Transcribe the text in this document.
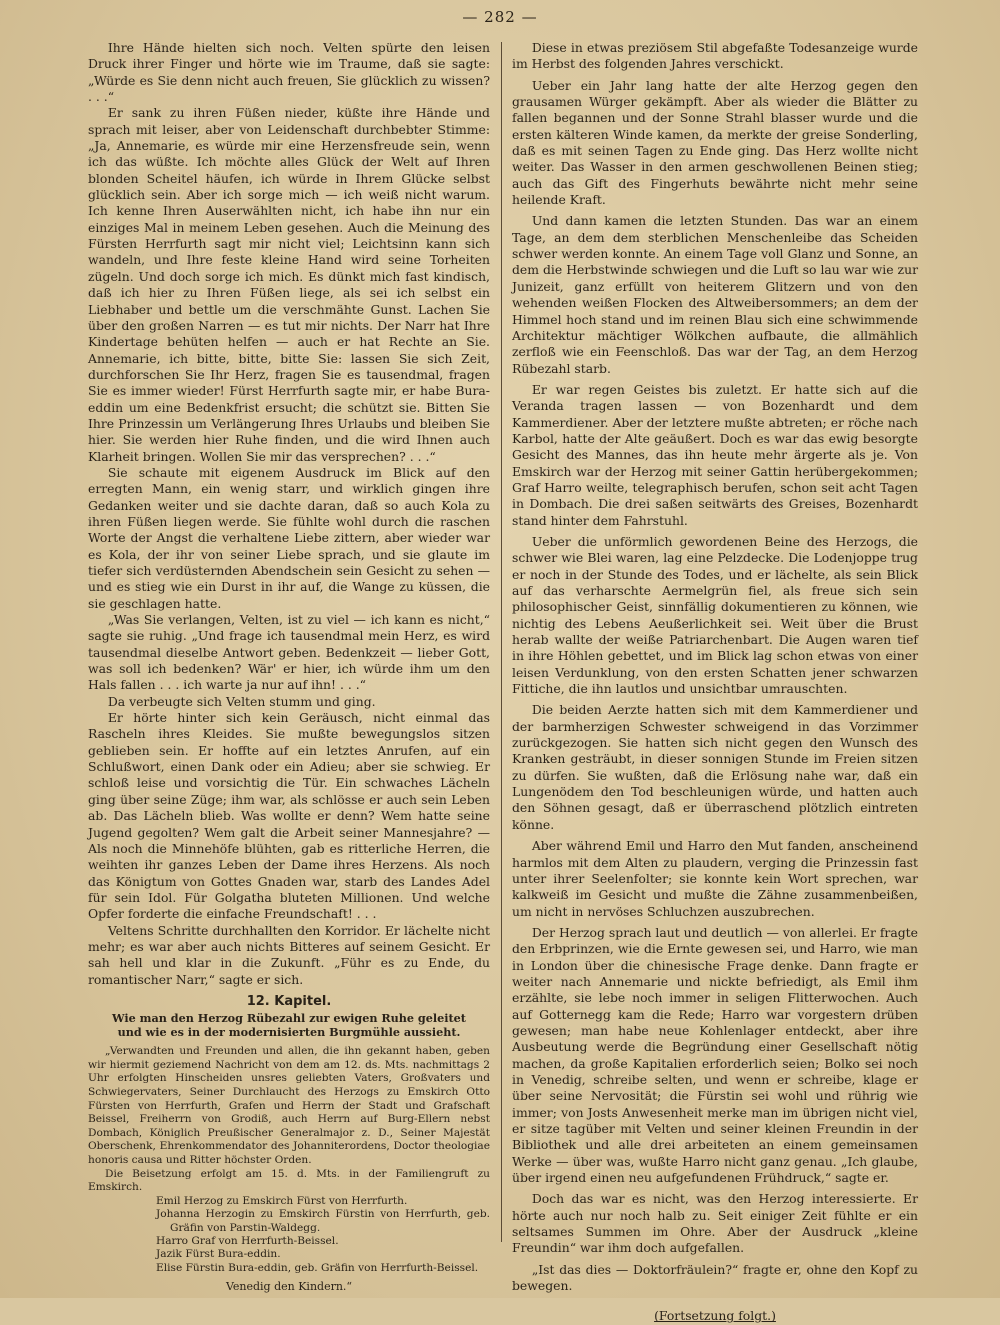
— 282 —

Ihre Hände hielten sich noch. Velten spürte den leisen Druck ihrer Finger und hörte wie im Traume, daß sie sagte: „Würde es Sie denn nicht auch freuen, Sie glücklich zu wissen? . . .“

Er sank zu ihren Füßen nieder, küßte ihre Hände und sprach mit leiser, aber von Leidenschaft durchbebter Stimme: „Ja, Annemarie, es würde mir eine Herzensfreude sein, wenn ich das wüßte. Ich möchte alles Glück der Welt auf Ihren blonden Scheitel häufen, ich würde in Ihrem Glücke selbst glücklich sein. Aber ich sorge mich — ich weiß nicht warum. Ich kenne Ihren Auserwählten nicht, ich habe ihn nur ein einziges Mal in meinem Leben gesehen. Auch die Meinung des Fürsten Herrfurth sagt mir nicht viel; Leichtsinn kann sich wandeln, und Ihre feste kleine Hand wird seine Torheiten zügeln. Und doch sorge ich mich. Es dünkt mich fast kindisch, daß ich hier zu Ihren Füßen liege, als sei ich selbst ein Liebhaber und bettle um die verschmähte Gunst. Lachen Sie über den großen Narren — es tut mir nichts. Der Narr hat Ihre Kindertage behüten helfen — auch er hat Rechte an Sie. Annemarie, ich bitte, bitte, bitte Sie: lassen Sie sich Zeit, durchforschen Sie Ihr Herz, fragen Sie es tausendmal, fragen Sie es immer wieder! Fürst Herrfurth sagte mir, er habe Bura-eddin um eine Bedenkfrist ersucht; die schützt sie. Bitten Sie Ihre Prinzessin um Verlängerung Ihres Urlaubs und bleiben Sie hier. Sie werden hier Ruhe finden, und die wird Ihnen auch Klarheit bringen. Wollen Sie mir das versprechen? . . .“

Sie schaute mit eigenem Ausdruck im Blick auf den erregten Mann, ein wenig starr, und wirklich gingen ihre Gedanken weiter und sie dachte daran, daß so auch Kola zu ihren Füßen liegen werde. Sie fühlte wohl durch die raschen Worte der Angst die verhaltene Liebe zittern, aber wieder war es Kola, der ihr von seiner Liebe sprach, und sie glaute im tiefer sich verdüsternden Abendschein sein Gesicht zu sehen — und es stieg wie ein Durst in ihr auf, die Wange zu küssen, die sie geschlagen hatte.

„Was Sie verlangen, Velten, ist zu viel — ich kann es nicht,“ sagte sie ruhig. „Und frage ich tausendmal mein Herz, es wird tausendmal dieselbe Antwort geben. Bedenkzeit — lieber Gott, was soll ich bedenken? Wär' er hier, ich würde ihm um den Hals fallen . . . ich warte ja nur auf ihn! . . .“

Da verbeugte sich Velten stumm und ging.

Er hörte hinter sich kein Geräusch, nicht einmal das Rascheln ihres Kleides. Sie mußte bewegungslos sitzen geblieben sein. Er hoffte auf ein letztes Anrufen, auf ein Schlußwort, einen Dank oder ein Adieu; aber sie schwieg. Er schloß leise und vorsichtig die Tür. Ein schwaches Lächeln ging über seine Züge; ihm war, als schlösse er auch sein Leben ab. Das Lächeln blieb. Was wollte er denn? Wem hatte seine Jugend gegolten? Wem galt die Arbeit seiner Mannesjahre? — Als noch die Minnehöfe blühten, gab es ritterliche Herren, die weihten ihr ganzes Leben der Dame ihres Herzens. Als noch das Königtum von Gottes Gnaden war, starb des Landes Adel für sein Idol. Für Golgatha bluteten Millionen. Und welche Opfer forderte die einfache Freundschaft! . . .

Veltens Schritte durchhallten den Korridor. Er lächelte nicht mehr; es war aber auch nichts Bitteres auf seinem Gesicht. Er sah hell und klar in die Zukunft. „Führ es zu Ende, du romantischer Narr,“ sagte er sich.

12. Kapitel.

Wie man den Herzog Rübezahl zur ewigen Ruhe geleitet und wie es in der modernisierten Burgmühle aussieht.

„Verwandten und Freunden und allen, die ihn gekannt haben, geben wir hiermit geziemend Nachricht von dem am 12. ds. Mts. nachmittags 2 Uhr erfolgten Hinscheiden unsres geliebten Vaters, Großvaters und Schwiegervaters, Seiner Durchlaucht des Herzogs zu Emskirch Otto Fürsten von Herrfurth, Grafen und Herrn der Stadt und Grafschaft Beissel, Freiherrn von Grodiß, auch Herrn auf Burg-Ellern nebst Dombach, Königlich Preußischer Generalmajor z. D., Seiner Majestät Oberschenk, Ehrenkommendator des Johanniterordens, Doctor theologiae honoris causa und Ritter höchster Orden.

Die Beisetzung erfolgt am 15. d. Mts. in der Familiengruft zu Emskirch.

Emil Herzog zu Emskirch Fürst von Herrfurth.
Johanna Herzogin zu Emskirch Fürstin von Herrfurth, geb. Gräfin von Parstin-Waldegg.
Harro Graf von Herrfurth-Beissel.
Jazik Fürst Bura-eddin.
Elise Fürstin Bura-eddin, geb. Gräfin von Herrfurth-Beissel.

Venedig den Kindern.“

Diese in etwas preziösem Stil abgefaßte Todesanzeige wurde im Herbst des folgenden Jahres verschickt.

Ueber ein Jahr lang hatte der alte Herzog gegen den grausamen Würger gekämpft. Aber als wieder die Blätter zu fallen begannen und der Sonne Strahl blasser wurde und die ersten kälteren Winde kamen, da merkte der greise Sonderling, daß es mit seinen Tagen zu Ende ging. Das Herz wollte nicht weiter. Das Wasser in den armen geschwollenen Beinen stieg; auch das Gift des Fingerhuts bewährte nicht mehr seine heilende Kraft.

Und dann kamen die letzten Stunden. Das war an einem Tage, an dem dem sterblichen Menschenleibe das Scheiden schwer werden konnte. An einem Tage voll Glanz und Sonne, an dem die Herbstwinde schwiegen und die Luft so lau war wie zur Junizeit, ganz erfüllt von heiterem Glitzern und von den wehenden weißen Flocken des Altweibersommers; an dem der Himmel hoch stand und im reinen Blau sich eine schwimmende Architektur mächtiger Wölkchen aufbaute, die allmählich zerfloß wie ein Feenschloß. Das war der Tag, an dem Herzog Rübezahl starb.

Er war regen Geistes bis zuletzt. Er hatte sich auf die Veranda tragen lassen — von Bozenhardt und dem Kammerdiener. Aber der letztere mußte abtreten; er röche nach Karbol, hatte der Alte geäußert. Doch es war das ewig besorgte Gesicht des Mannes, das ihn heute mehr ärgerte als je. Von Emskirch war der Herzog mit seiner Gattin herübergekommen; Graf Harro weilte, telegraphisch berufen, schon seit acht Tagen in Dombach. Die drei saßen seitwärts des Greises, Bozenhardt stand hinter dem Fahrstuhl.

Ueber die unförmlich gewordenen Beine des Herzogs, die schwer wie Blei waren, lag eine Pelzdecke. Die Lodenjoppe trug er noch in der Stunde des Todes, und er lächelte, als sein Blick auf das verharschte Aermelgrün fiel, als freue sich sein philosophischer Geist, sinnfällig dokumentieren zu können, wie nichtig des Lebens Aeußerlichkeit sei. Weit über die Brust herab wallte der weiße Patriarchenbart. Die Augen waren tief in ihre Höhlen gebettet, und im Blick lag schon etwas von einer leisen Verdunklung, von den ersten Schatten jener schwarzen Fittiche, die ihn lautlos und unsichtbar umrauschten.

Die beiden Aerzte hatten sich mit dem Kammerdiener und der barmherzigen Schwester schweigend in das Vorzimmer zurückgezogen. Sie hatten sich nicht gegen den Wunsch des Kranken gesträubt, in dieser sonnigen Stunde im Freien sitzen zu dürfen. Sie wußten, daß die Erlösung nahe war, daß ein Lungenödem den Tod beschleunigen würde, und hatten auch den Söhnen gesagt, daß er überraschend plötzlich eintreten könne.

Aber während Emil und Harro den Mut fanden, anscheinend harmlos mit dem Alten zu plaudern, verging die Prinzessin fast unter ihrer Seelenfolter; sie konnte kein Wort sprechen, war kalkweiß im Gesicht und mußte die Zähne zusammenbeißen, um nicht in nervöses Schluchzen auszubrechen.

Der Herzog sprach laut und deutlich — von allerlei. Er fragte den Erbprinzen, wie die Ernte gewesen sei, und Harro, wie man in London über die chinesische Frage denke. Dann fragte er weiter nach Annemarie und nickte befriedigt, als Emil ihm erzählte, sie lebe noch immer in seligen Flitterwochen. Auch auf Gotternegg kam die Rede; Harro war vorgestern drüben gewesen; man habe neue Kohlenlager entdeckt, aber ihre Ausbeutung werde die Begründung einer Gesellschaft nötig machen, da große Kapitalien erforderlich seien; Bolko sei noch in Venedig, schreibe selten, und wenn er schreibe, klage er über seine Nervosität; die Fürstin sei wohl und rührig wie immer; von Josts Anwesenheit merke man im übrigen nicht viel, er sitze tagüber mit Velten und seiner kleinen Freundin in der Bibliothek und alle drei arbeiteten an einem gemeinsamen Werke — über was, wußte Harro nicht ganz genau. „Ich glaube, über irgend einen neu aufgefundenen Frühdruck,“ sagte er.

Doch das war es nicht, was den Herzog interessierte. Er hörte auch nur noch halb zu. Seit einiger Zeit fühlte er ein seltsames Summen im Ohre. Aber der Ausdruck „kleine Freundin“ war ihm doch aufgefallen.

„Ist das dies — Doktorfräulein?“ fragte er, ohne den Kopf zu bewegen.

(Fortsetzung folgt.)
